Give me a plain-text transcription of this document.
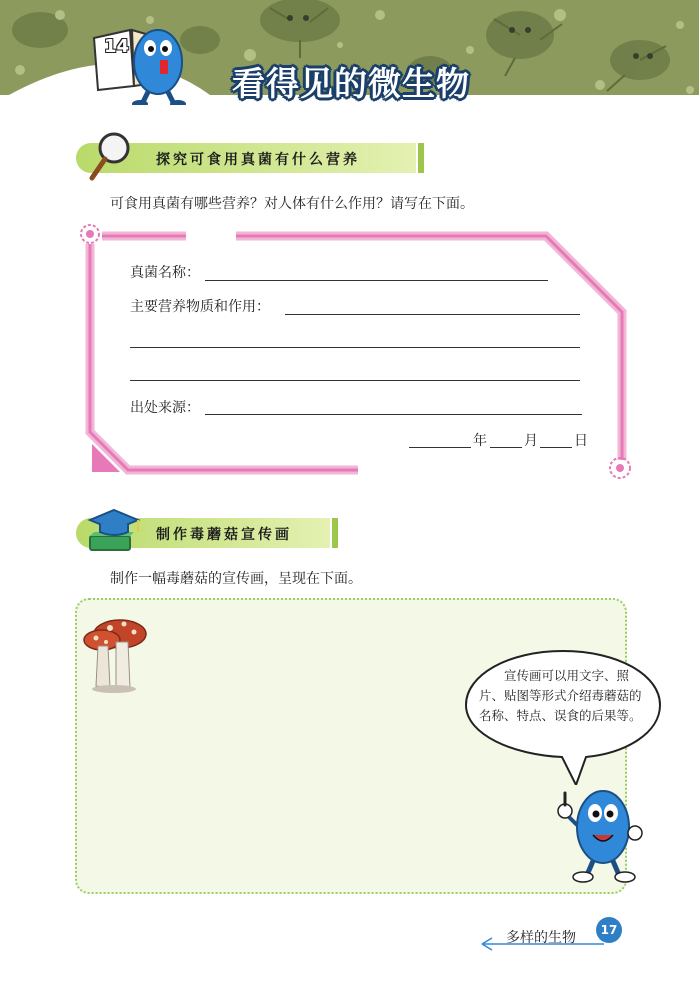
14
看得见的微生物
探究可食用真菌有什么营养
可食用真菌有哪些营养？对人体有什么作用？请写在下面。
真菌名称：
主要营养物质和作用：
出处来源：
年	月	日
制作毒蘑菇宣传画
制作一幅毒蘑菇的宣传画，呈现在下面。
宣传画可以用文字、照片、贴图等形式介绍毒蘑菇的名称、特点、误食的后果等。
多样的生物	17
